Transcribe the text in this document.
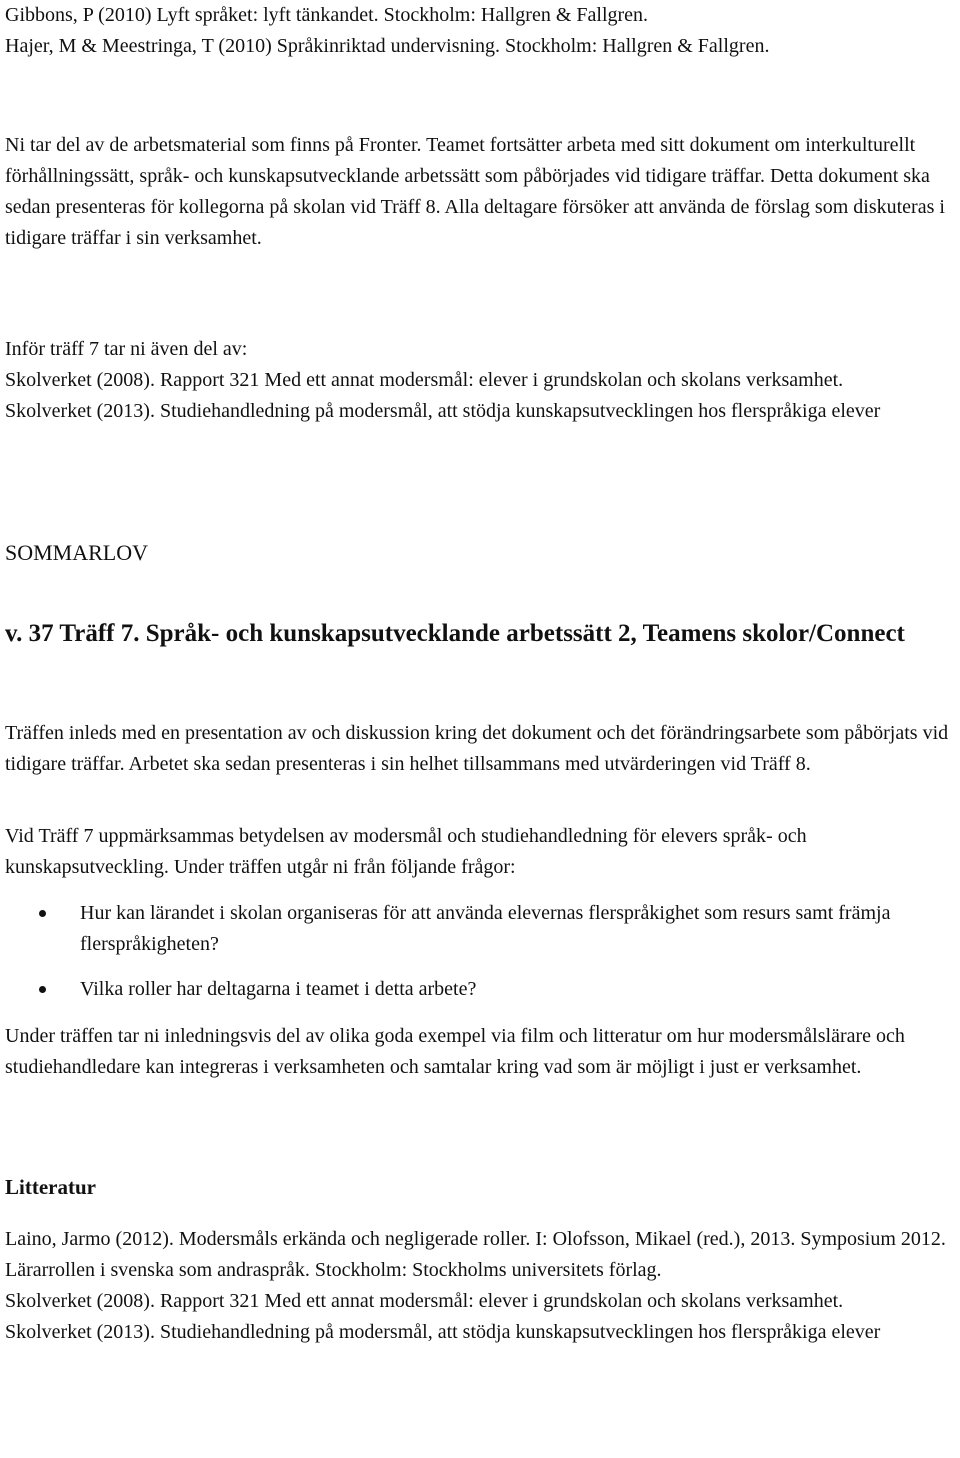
Gibbons, P (2010) Lyft språket: lyft tänkandet. Stockholm: Hallgren & Fallgren.

Hajer, M & Meestringa, T (2010) Språkinriktad undervisning. Stockholm: Hallgren & Fallgren.

Ni tar del av de arbetsmaterial som finns på Fronter. Teamet fortsätter arbeta med sitt dokument om interkulturellt förhållningssätt, språk- och kunskapsutvecklande arbetssätt som påbörjades vid tidigare träffar. Detta dokument ska sedan presenteras för kollegorna på skolan vid Träff 8. Alla deltagare försöker att använda de förslag som diskuteras i tidigare träffar i sin verksamhet.

Inför träff 7 tar ni även del av:

Skolverket (2008). Rapport 321 Med ett annat modersmål: elever i grundskolan och skolans verksamhet.

Skolverket (2013). Studiehandledning på modersmål, att stödja kunskapsutvecklingen hos flerspråkiga elever

SOMMARLOV

v. 37 Träff 7. Språk- och kunskapsutvecklande arbetssätt 2, Teamens skolor/Connect

Träffen inleds med en presentation av och diskussion kring det dokument och det förändringsarbete som påbörjats vid tidigare träffar. Arbetet ska sedan presenteras i sin helhet tillsammans med utvärderingen vid Träff 8.

Vid Träff 7 uppmärksammas betydelsen av modersmål och studiehandledning för elevers språk- och kunskapsutveckling. Under träffen utgår ni från följande frågor:

Hur kan lärandet i skolan organiseras för att använda elevernas flerspråkighet som resurs samt främja flerspråkigheten?
Vilka roller har deltagarna i teamet i detta arbete?

Under träffen tar ni inledningsvis del av olika goda exempel via film och litteratur om hur modersmålslärare och studiehandledare kan integreras i verksamheten och samtalar kring vad som är möjligt i just er verksamhet.

Litteratur

Laino, Jarmo (2012). Modersmåls erkända och negligerade roller. I: Olofsson, Mikael (red.), 2013. Symposium 2012. Lärarrollen i svenska som andraspråk. Stockholm: Stockholms universitets förlag.

Skolverket (2008). Rapport 321 Med ett annat modersmål: elever i grundskolan och skolans verksamhet.

Skolverket (2013). Studiehandledning på modersmål, att stödja kunskapsutvecklingen hos flerspråkiga elever
